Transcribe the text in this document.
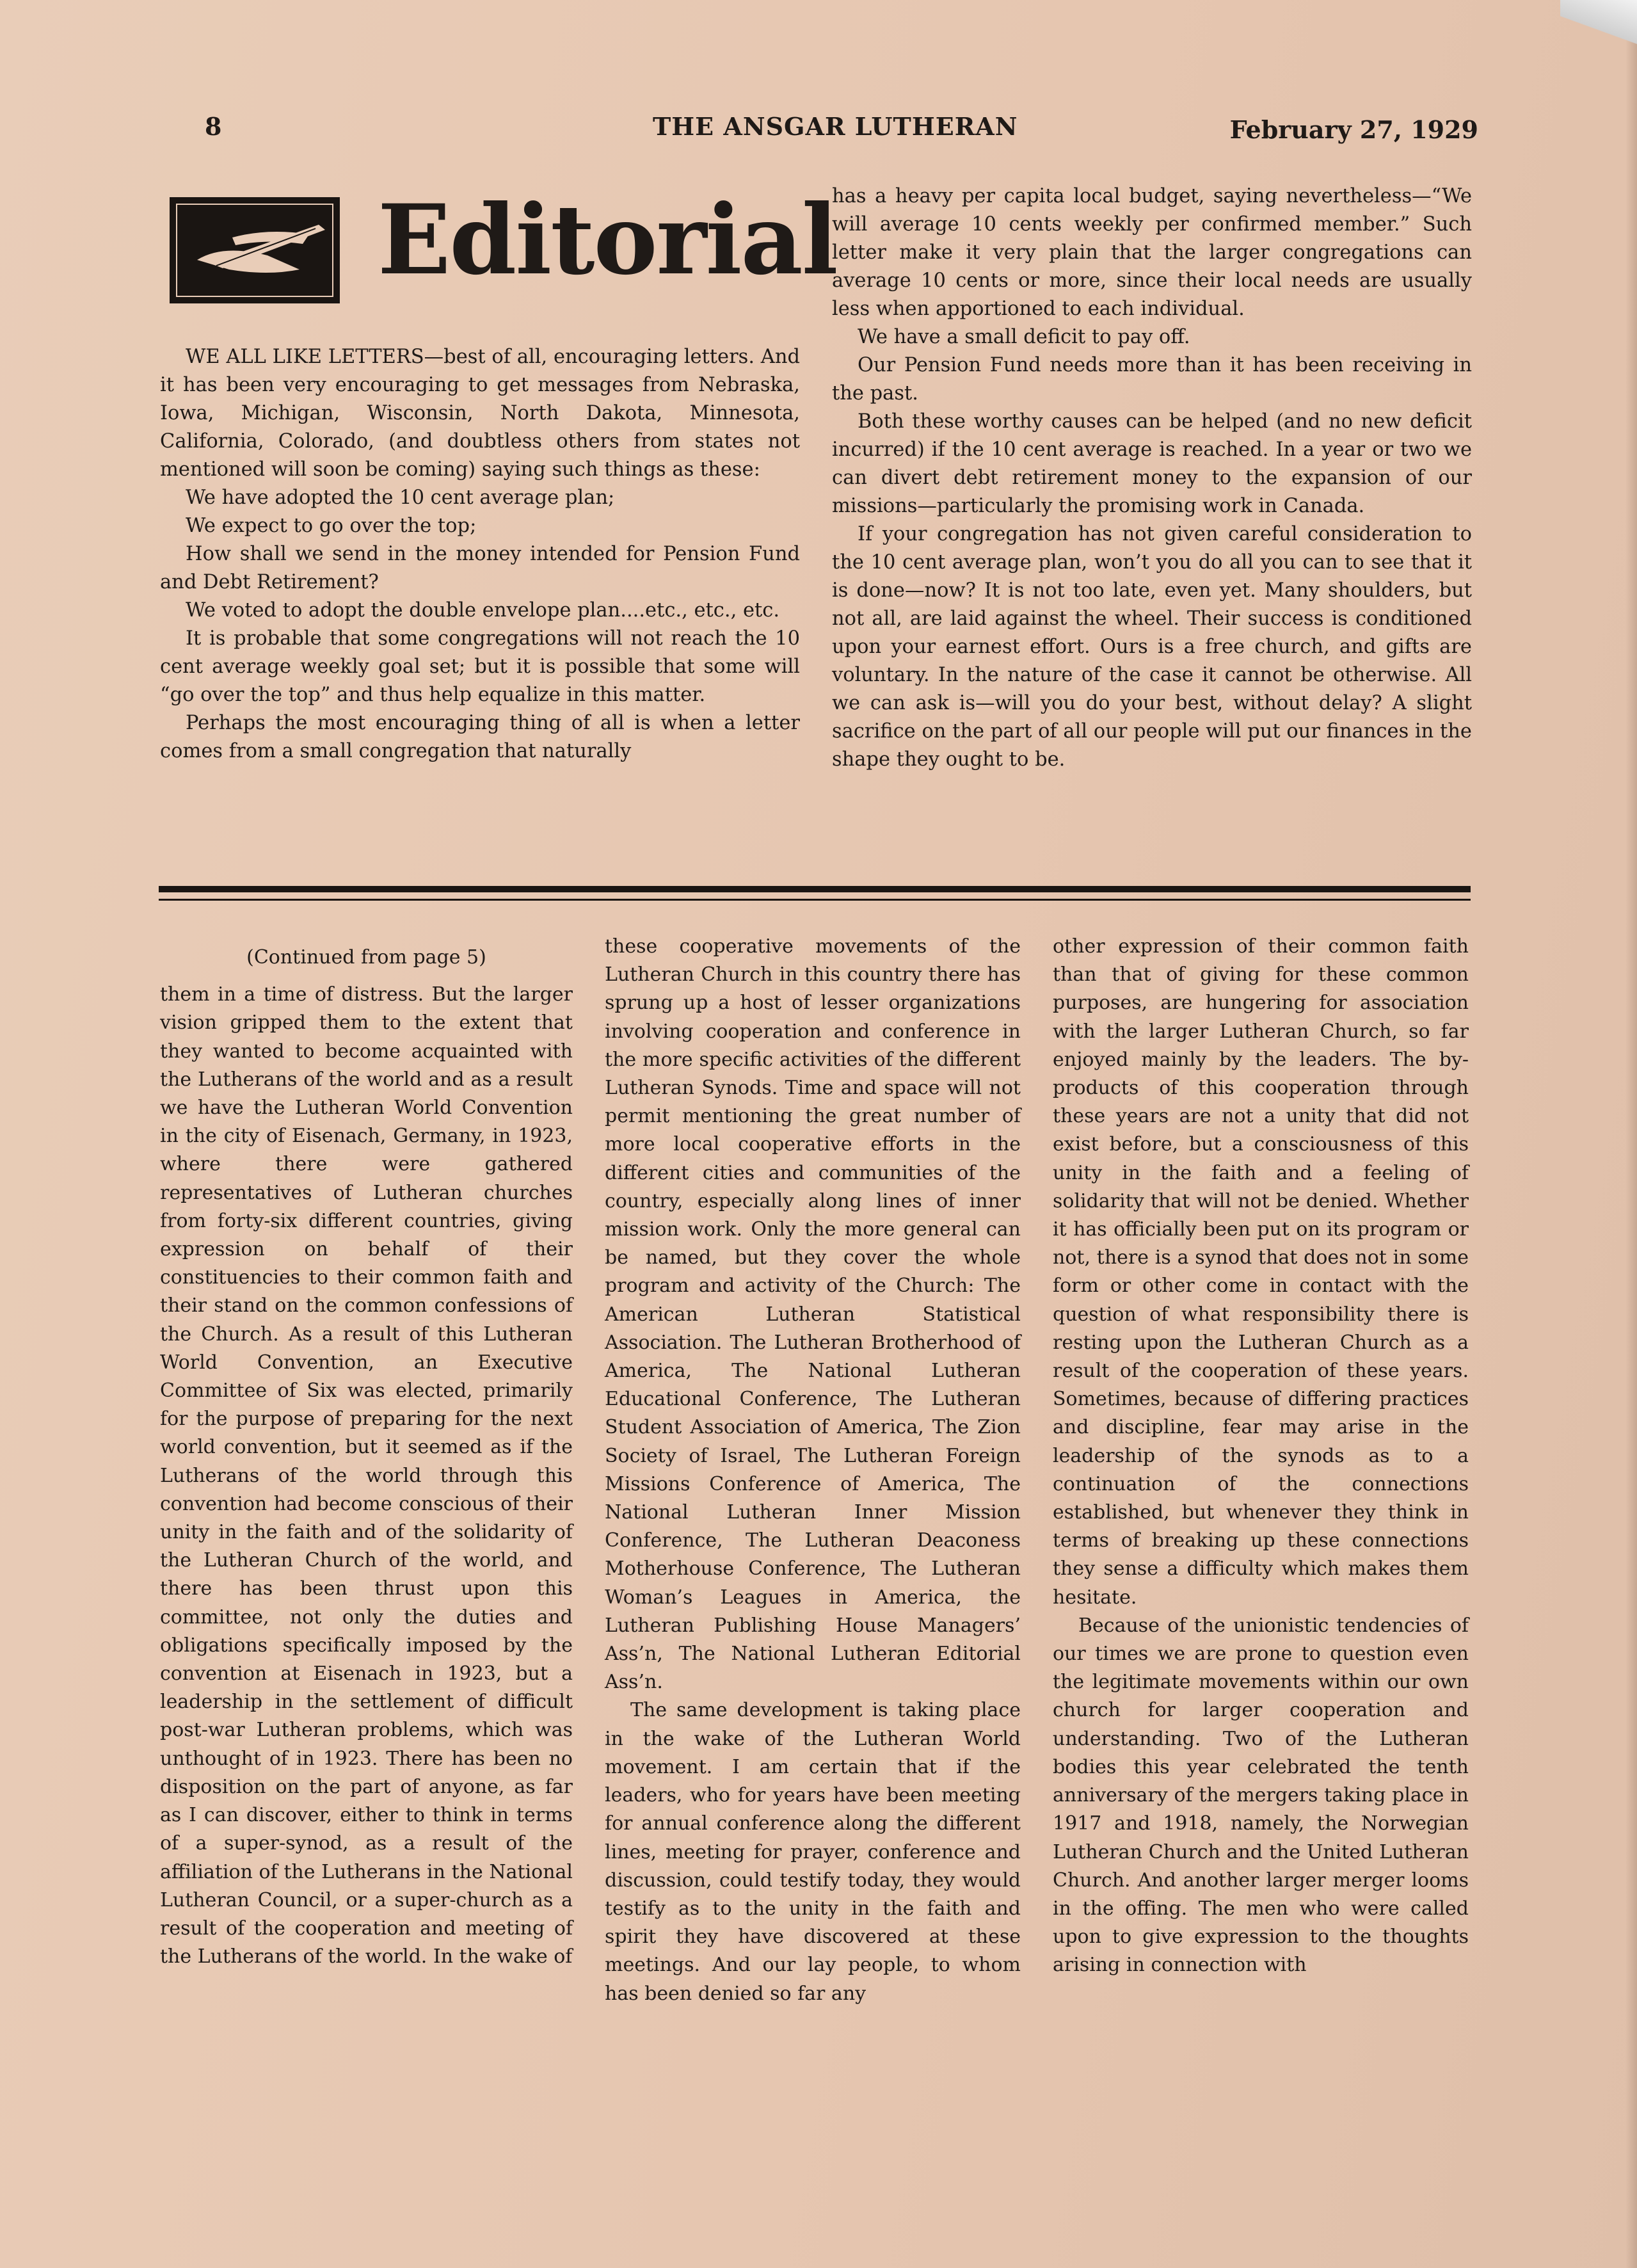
8	THE ANSGAR LUTHERAN	February 27, 1929
Editorial

WE ALL LIKE LETTERS—best of all, encouraging letters. And it has been very encouraging to get messages from Nebraska, Iowa, Michigan, Wisconsin, North Dakota, Minnesota, California, Colorado, (and doubtless others from states not mentioned will soon be coming) saying such things as these:

We have adopted the 10 cent average plan;

We expect to go over the top;

How shall we send in the money intended for Pension Fund and Debt Retirement?

We voted to adopt the double envelope plan....etc., etc., etc.

It is probable that some congregations will not reach the 10 cent average weekly goal set; but it is possible that some will “go over the top” and thus help equalize in this matter.

Perhaps the most encouraging thing of all is when a letter comes from a small congregation that naturally

has a heavy per capita local budget, saying nevertheless—“We will average 10 cents weekly per confirmed member.” Such letter make it very plain that the larger congregations can average 10 cents or more, since their local needs are usually less when apportioned to each individual.

We have a small deficit to pay off.

Our Pension Fund needs more than it has been receiving in the past.

Both these worthy causes can be helped (and no new deficit incurred) if the 10 cent average is reached. In a year or two we can divert debt retirement money to the expansion of our missions—particularly the promising work in Canada.

If your congregation has not given careful consideration to the 10 cent average plan, won’t you do all you can to see that it is done—now? It is not too late, even yet. Many shoulders, but not all, are laid against the wheel. Their success is conditioned upon your earnest effort. Ours is a free church, and gifts are voluntary. In the nature of the case it cannot be otherwise. All we can ask is—will you do your best, without delay? A slight sacrifice on the part of all our people will put our finances in the shape they ought to be.

(Continued from page 5)

them in a time of distress. But the larger vision gripped them to the extent that they wanted to become acquainted with the Lutherans of the world and as a result we have the Lutheran World Convention in the city of Eisenach, Germany, in 1923, where there were gathered representatives of Lutheran churches from forty-six different countries, giving expression on behalf of their constituencies to their common faith and their stand on the common confessions of the Church. As a result of this Lutheran World Convention, an Executive Committee of Six was elected, primarily for the purpose of preparing for the next world convention, but it seemed as if the Lutherans of the world through this convention had become conscious of their unity in the faith and of the solidarity of the Lutheran Church of the world, and there has been thrust upon this committee, not only the duties and obligations specifically imposed by the convention at Eisenach in 1923, but a leadership in the settlement of difficult post-war Lutheran problems, which was unthought of in 1923. There has been no disposition on the part of anyone, as far as I can discover, either to think in terms of a super-synod, as a result of the affiliation of the Lutherans in the National Lutheran Council, or a super-church as a result of the cooperation and meeting of the Lutherans of the world. In the wake of

these cooperative movements of the Lutheran Church in this country there has sprung up a host of lesser organizations involving cooperation and conference in the more specific activities of the different Lutheran Synods. Time and space will not permit mentioning the great number of more local cooperative efforts in the different cities and communities of the country, especially along lines of inner mission work. Only the more general can be named, but they cover the whole program and activity of the Church: The American Lutheran Statistical Association. The Lutheran Brotherhood of America, The National Lutheran Educational Conference, The Lutheran Student Association of America, The Zion Society of Israel, The Lutheran Foreign Missions Conference of America, The National Lutheran Inner Mission Conference, The Lutheran Deaconess Motherhouse Conference, The Lutheran Woman’s Leagues in America, the Lutheran Publishing House Managers’ Ass’n, The National Lutheran Editorial Ass’n.

The same development is taking place in the wake of the Lutheran World movement. I am certain that if the leaders, who for years have been meeting for annual conference along the different lines, meeting for prayer, conference and discussion, could testify today, they would testify as to the unity in the faith and spirit they have discovered at these meetings. And our lay people, to whom has been denied so far any

other expression of their common faith than that of giving for these common purposes, are hungering for association with the larger Lutheran Church, so far enjoyed mainly by the leaders. The by-products of this cooperation through these years are not a unity that did not exist before, but a consciousness of this unity in the faith and a feeling of solidarity that will not be denied. Whether it has officially been put on its program or not, there is a synod that does not in some form or other come in contact with the question of what responsibility there is resting upon the Lutheran Church as a result of the cooperation of these years. Sometimes, because of differing practices and discipline, fear may arise in the leadership of the synods as to a continuation of the connections established, but whenever they think in terms of breaking up these connections they sense a difficulty which makes them hesitate.

Because of the unionistic tendencies of our times we are prone to question even the legitimate movements within our own church for larger cooperation and understanding. Two of the Lutheran bodies this year celebrated the tenth anniversary of the mergers taking place in 1917 and 1918, namely, the Norwegian Lutheran Church and the United Lutheran Church. And another larger merger looms in the offing. The men who were called upon to give expression to the thoughts arising in connection with
